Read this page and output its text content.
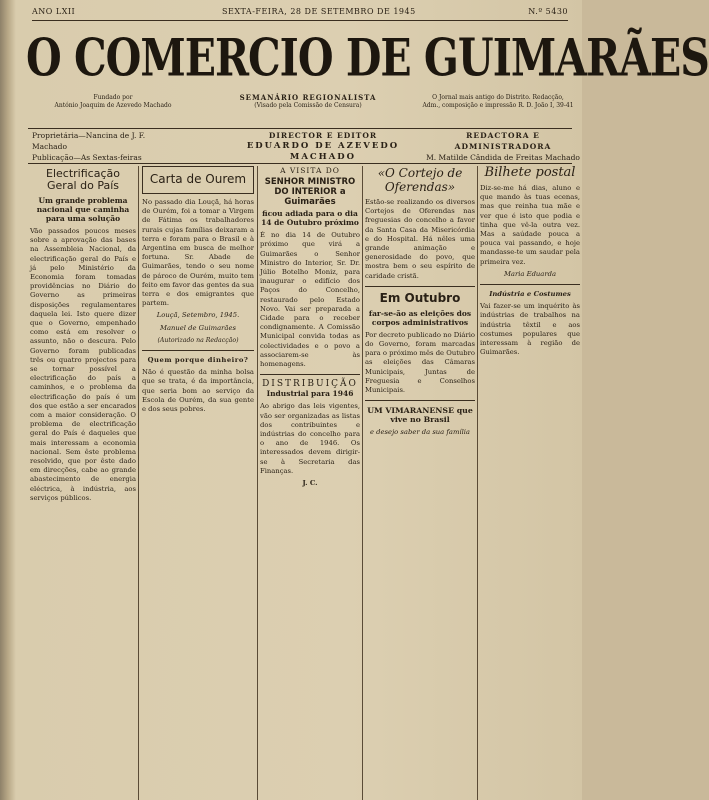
ANO LXII	SEXTA-FEIRA, 28 DE SETEMBRO DE 1945	N.º 5430
O COMERCIO DE GUIMARÃES
Fundado por
António Joaquim de Azevedo Machado
SEMANÁRIO REGIONALISTA
(Visado pela Comissão de Censura)
O Jornal mais antigo do Distrito. Redacção,
Adm., composição e impressão R. D. João I, 39-41
Proprietária—Nancina de J. F. Machado
Publicação—As Sextas-feiras
DIRECTOR E EDITOR
EDUARDO DE AZEVEDO MACHADO
REDACTORA E ADMINISTRADORA
M. Matilde Cândida de Freitas Machado
Electrificação Geral do País
Um grande problema nacional que caminha para uma solução
Vão passados poucos meses sobre a aprovação das bases na Assembleia Nacional, da electrificação geral do País e já pelo Ministério da Economia foram tomadas providências no Diário do Governo as primeiras disposições regulamentares daquela lei. Isto quere dizer que o Governo, empenhado como está em resolver o assunto, não o descura. Pelo Governo foram publicadas três ou quatro projectos para se tornar possível a electrificação do país a caminhos, e o problema da electrificação do país é um dos que estão a ser encarados com a maior consideração. O problema de electrificação geral do País é daqueles que mais interessam a economia nacional. Sem êste problema resolvido, que por êste dado em direcções, cabe ao grande abastecimento de energia eléctrica, à indústria, aos serviços públicos.
Carta de Ourem
No passado dia Louçã, há horas de Ourém, foi a tomar a Virgem de Fátima os trabalhadores rurais cujas famílias deixaram a terra e foram para o Brasil e à Argentina em busca de melhor fortuna. Sr. Abade de Guimarães, tendo o seu nome de pároco de Ourém, muito tem feito em favor das gentes da sua terra e dos emigrantes que partem.
Louçã, Setembro, 1945.
Manuel de Guimarães
(Autorizado na Redacção)
Quem porque dinheiro?
Não é questão da minha bolsa que se trata, é da importância, que seria bom ao serviço da Escola de Ourém, da sua gente e dos seus pobres.
A VISITA DO
SENHOR MINISTRO DO INTERIOR a Guimarães
ficou adiada para o dia 14 de Outubro próximo
É no dia 14 de Outubro próximo que virá a Guimarães o Senhor Ministro do Interior, Sr. Dr. Júlio Botelho Moniz, para inaugurar o edifício dos Paços do Concelho, restaurado pelo Estado Novo. Vai ser preparada a Cidade para o receber condignamente. A Comissão Municipal convida todas as colectividades e o povo a associarem-se às homenagens.
DISTRIBUIÇÃO
Industrial para 1946
Ao abrigo das leis vigentes, vão ser organizadas as listas dos contribuintes e indústrias do concelho para o ano de 1946. Os interessados devem dirigir-se à Secretaria das Finanças.
J. C.
«O Cortejo de Oferendas»
Estão-se realizando os diversos Cortejos de Oferendas nas freguesias do concelho a favor da Santa Casa da Misericórdia e do Hospital. Há nêles uma grande animação e generosidade do povo, que mostra bem o seu espírito de caridade cristã.
Em Outubro
far-se-ão as eleições dos corpos administrativos
Por decreto publicado no Diário do Governo, foram marcadas para o próximo mês de Outubro as eleições das Câmaras Municipais, Juntas de Freguesia e Conselhos Municipais.
UM VIMARANENSE que vive no Brasil
e desejo saber da sua família
Bilhete postal
Diz-se-me há dias, aluno e que mando às tuas ecenas, mas que reinha tua mãe e ver que é isto que podia e tinha que vê-la outra vez. Mas a saúdade pouca a pouca vai passando, e hoje mandasse-te um saudar pela primeira vez.
Maria Eduarda
Indústria e Costumes
Vai fazer-se um inquérito às indústrias de trabalhos na indústria têxtil e aos costumes populares que interessam à região de Guimarães.
